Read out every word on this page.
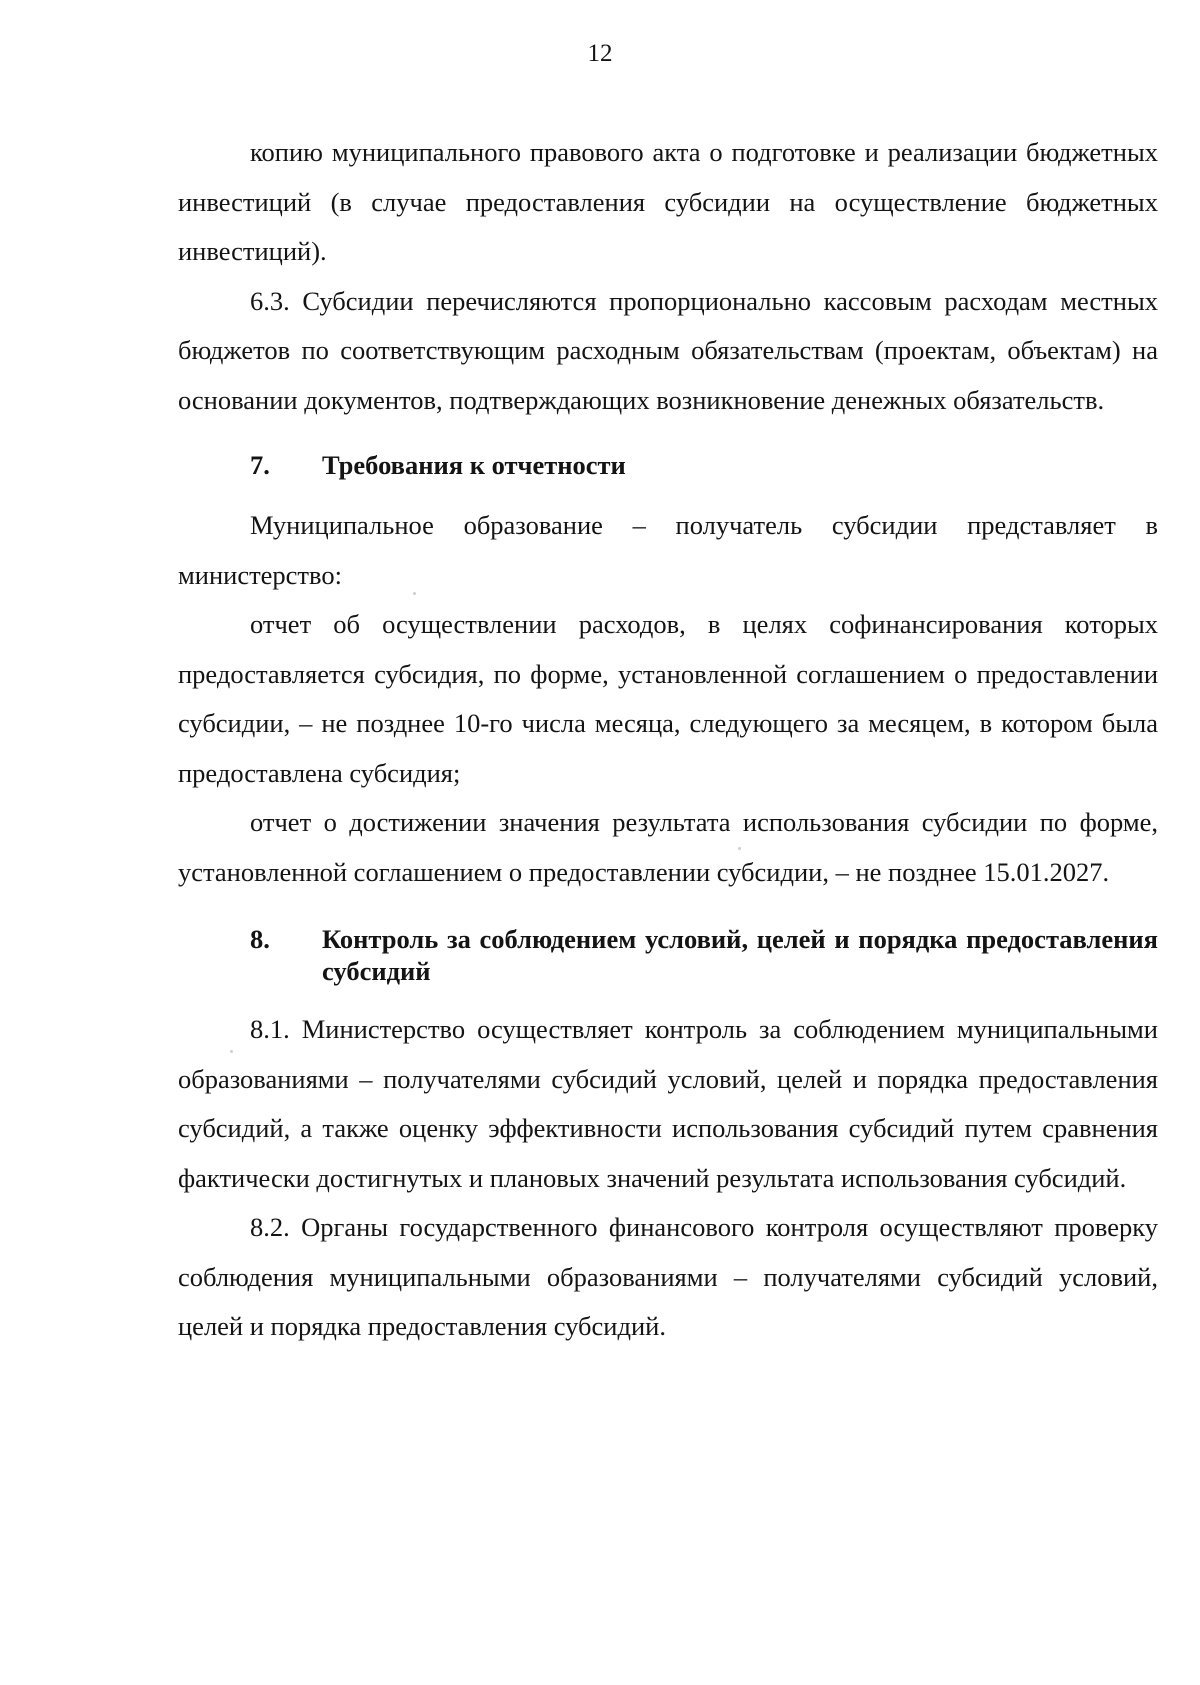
12

копию муниципального правового акта о подготовке и реализации бюджетных инвестиций (в случае предоставления субсидии на осуществление бюджетных инвестиций).

6.3. Субсидии перечисляются пропорционально кассовым расходам местных бюджетов по соответствующим расходным обязательствам (проектам, объектам) на основании документов, подтверждающих возникновение денежных обязательств.

7.	Требования к отчетности

Муниципальное образование – получатель субсидии представляет в министерство:

отчет об осуществлении расходов, в целях софинансирования которых предоставляется субсидия, по форме, установленной соглашением о предоставлении субсидии, – не позднее 10-го числа месяца, следующего за месяцем, в котором была предоставлена субсидия;

отчет о достижении значения результата использования субсидии по форме, установленной соглашением о предоставлении субсидии, – не позднее 15.01.2027.

8.	Контроль за соблюдением условий, целей и порядка предоставления субсидий

8.1. Министерство осуществляет контроль за соблюдением муниципальными образованиями – получателями субсидий условий, целей и порядка предоставления субсидий, а также оценку эффективности использования субсидий путем сравнения фактически достигнутых и плановых значений результата использования субсидий.

8.2. Органы государственного финансового контроля осуществляют проверку соблюдения муниципальными образованиями – получателями субсидий условий, целей и порядка предоставления субсидий.
